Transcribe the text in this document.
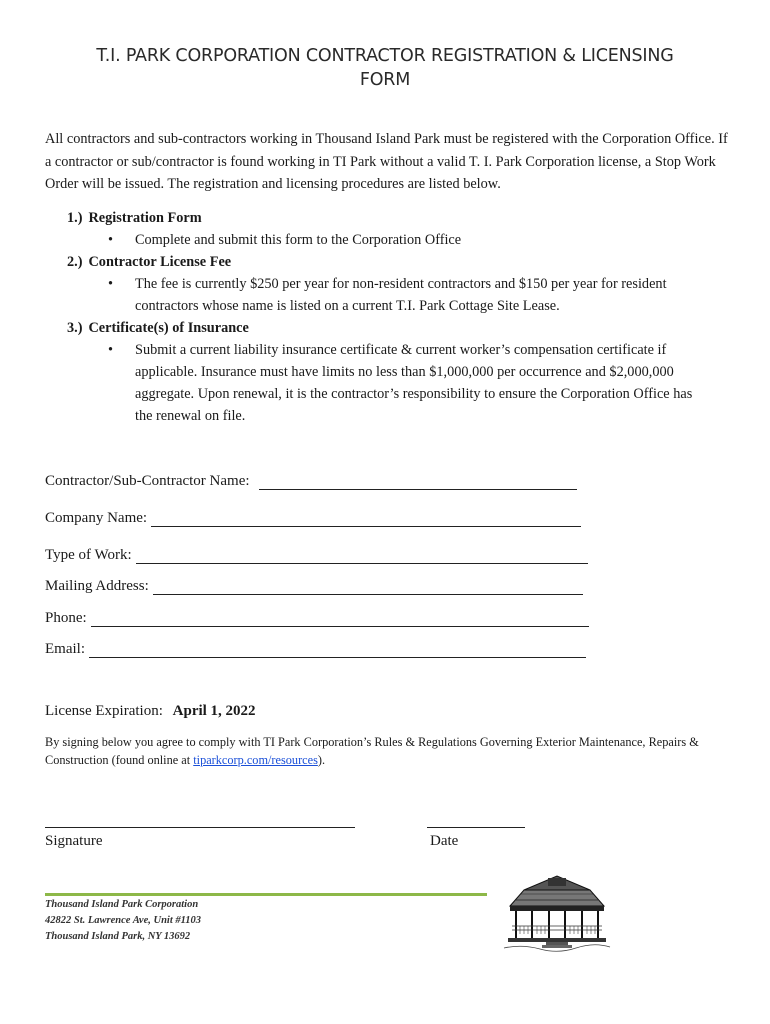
T.I. PARK CORPORATION CONTRACTOR REGISTRATION & LICENSING
FORM
All contractors and sub-contractors working in Thousand Island Park must be registered with the Corporation Office. If a contractor or sub/contractor is found working in TI Park without a valid T. I. Park Corporation license, a Stop Work Order will be issued. The registration and licensing procedures are listed below.
1.) Registration Form
•	Complete and submit this form to the Corporation Office
2.) Contractor License Fee
•	The fee is currently $250 per year for non-resident contractors and $150 per year for resident contractors whose name is listed on a current T.I. Park Cottage Site Lease.
3.) Certificate(s) of Insurance
•	Submit a current liability insurance certificate & current worker’s compensation certificate if applicable. Insurance must have limits no less than $1,000,000 per occurrence and $2,000,000 aggregate. Upon renewal, it is the contractor’s responsibility to ensure the Corporation Office has the renewal on file.
Contractor/Sub-Contractor Name:
Company Name:
Type of Work:
Mailing Address:
Phone:
Email:
License Expiration: April 1, 2022
By signing below you agree to comply with TI Park Corporation’s Rules & Regulations Governing Exterior Maintenance, Repairs & Construction (found online at tiparkcorp.com/resources).
Signature	Date
Thousand Island Park Corporation
42822 St. Lawrence Ave, Unit #1103
Thousand Island Park, NY 13692
